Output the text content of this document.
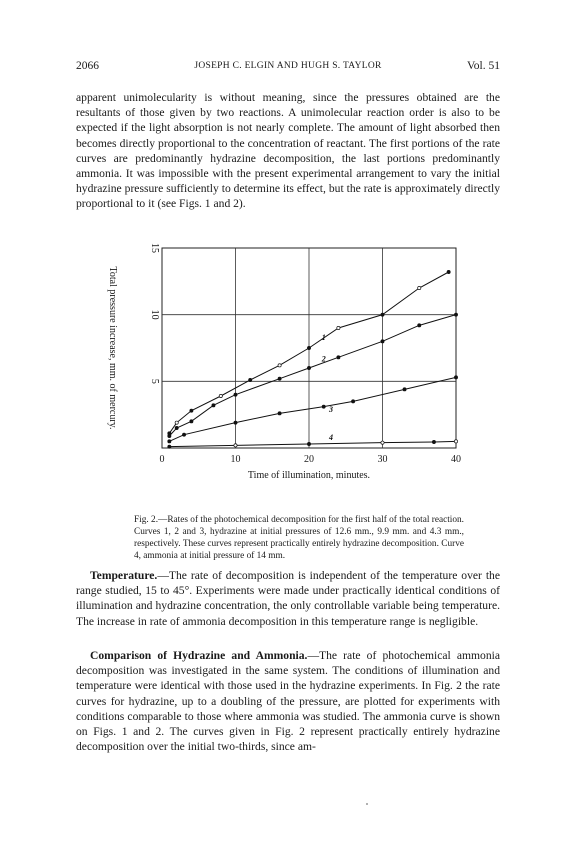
2066	JOSEPH C. ELGIN AND HUGH S. TAYLOR	Vol. 51

apparent unimolecularity is without meaning, since the pressures obtained are the resultants of those given by two reactions. A unimolecular reaction order is also to be expected if the light absorption is not nearly complete. The amount of light absorbed then becomes directly proportional to the concentration of reactant. The first portions of the rate curves are predominantly hydrazine decomposition, the last portions predominantly ammonia. It was impossible with the present experimental arrangement to vary the initial hydrazine pressure sufficiently to determine its effect, but the rate is approximately directly proportional to it (see Figs. 1 and 2).

0	10	20	30	40
5
10
15
Time of illumination, minutes.
Total pressure increase, mm. of mercury.	1
2
3
4

Fig. 2.—Rates of the photochemical decomposition for the first half of the total reaction. Curves 1, 2 and 3, hydrazine at initial pressures of 12.6 mm., 9.9 mm. and 4.3 mm., respectively. These curves represent practically entirely hydrazine decomposition. Curve 4, ammonia at initial pressure of 14 mm.

Temperature.—The rate of decomposition is independent of the temperature over the range studied, 15 to 45°. Experiments were made under practically identical conditions of illumination and hydrazine concentration, the only controllable variable being temperature. The increase in rate of ammonia decomposition in this temperature range is negligible.

Comparison of Hydrazine and Ammonia.—The rate of photochemical ammonia decomposition was investigated in the same system. The conditions of illumination and temperature were identical with those used in the hydrazine experiments. In Fig. 2 the rate curves for hydrazine, up to a doubling of the pressure, are plotted for experiments with conditions comparable to those where ammonia was studied. The ammonia curve is shown on Figs. 1 and 2. The curves given in Fig. 2 represent practically entirely hydrazine decomposition over the initial two-thirds, since am-
